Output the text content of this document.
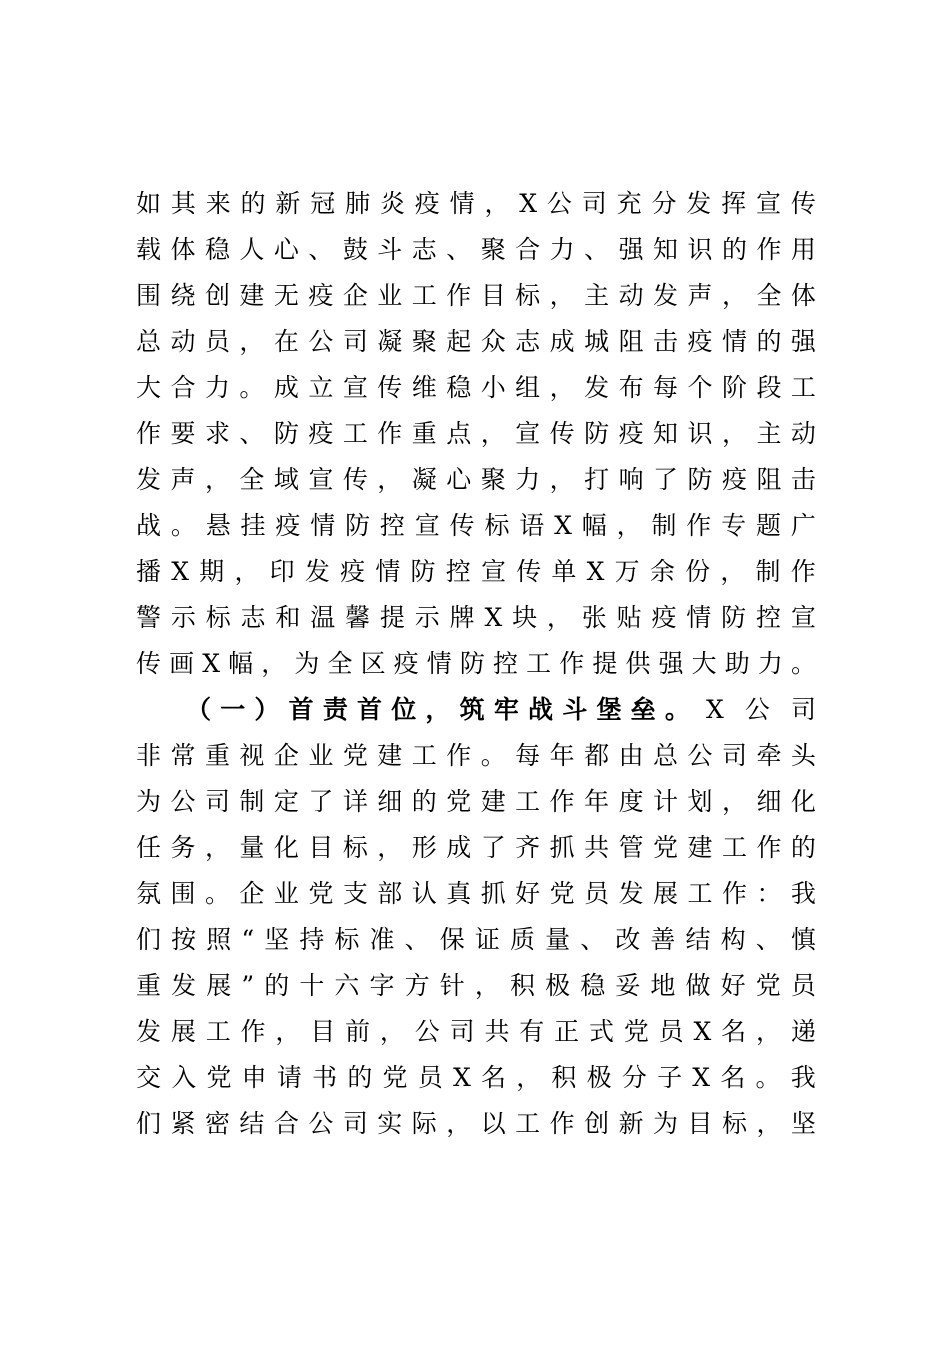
如 其 来 的 新 冠 肺 炎 疫 情 ， X 公 司 充 分 发 挥 宣 传
载 体 稳 人 心 、 鼓 斗 志 、 聚 合 力 、 强 知 识 的 作 用
围 绕 创 建 无 疫 企 业 工 作 目 标 ， 主 动 发 声 ， 全 体
总 动 员 ， 在 公 司 凝 聚 起 众 志 成 城 阻 击 疫 情 的 强
大 合 力 。 成 立 宣 传 维 稳 小 组 ， 发 布 每 个 阶 段 工
作 要 求 、 防 疫 工 作 重 点 ， 宣 传 防 疫 知 识 ， 主 动
发 声 ， 全 域 宣 传 ， 凝 心 聚 力 ， 打 响 了 防 疫 阻 击
战 。 悬 挂 疫 情 防 控 宣 传 标 语 X 幅 ， 制 作 专 题 广
播 X 期 ， 印 发 疫 情 防 控 宣 传 单 X 万 余 份 ， 制 作
警 示 标 志 和 温 馨 提 示 牌 X 块 ， 张 贴 疫 情 防 控 宣
传 画 X 幅 ， 为 全 区 疫 情 防 控 工 作 提 供 强 大 助 力 。
（ 一 ） 首 责 首 位 ， 筑 牢 战 斗 堡 垒 。 X 公 司
非 常 重 视 企 业 党 建 工 作 。 每 年 都 由 总 公 司 牵 头
为 公 司 制 定 了 详 细 的 党 建 工 作 年 度 计 划 ， 细 化
任 务 ， 量 化 目 标 ， 形 成 了 齐 抓 共 管 党 建 工 作 的
氛 围 。 企 业 党 支 部 认 真 抓 好 党 员 发 展 工 作 ： 我
们 按 照 “ 坚 持 标 准 、 保 证 质 量 、 改 善 结 构 、 慎
重 发 展 ” 的 十 六 字 方 针 ， 积 极 稳 妥 地 做 好 党 员
发 展 工 作 ， 目 前 ， 公 司 共 有 正 式 党 员 X 名 ， 递
交 入 党 申 请 书 的 党 员 X 名 ， 积 极 分 子 X 名 。 我
们 紧 密 结 合 公 司 实 际 ， 以 工 作 创 新 为 目 标 ， 坚
